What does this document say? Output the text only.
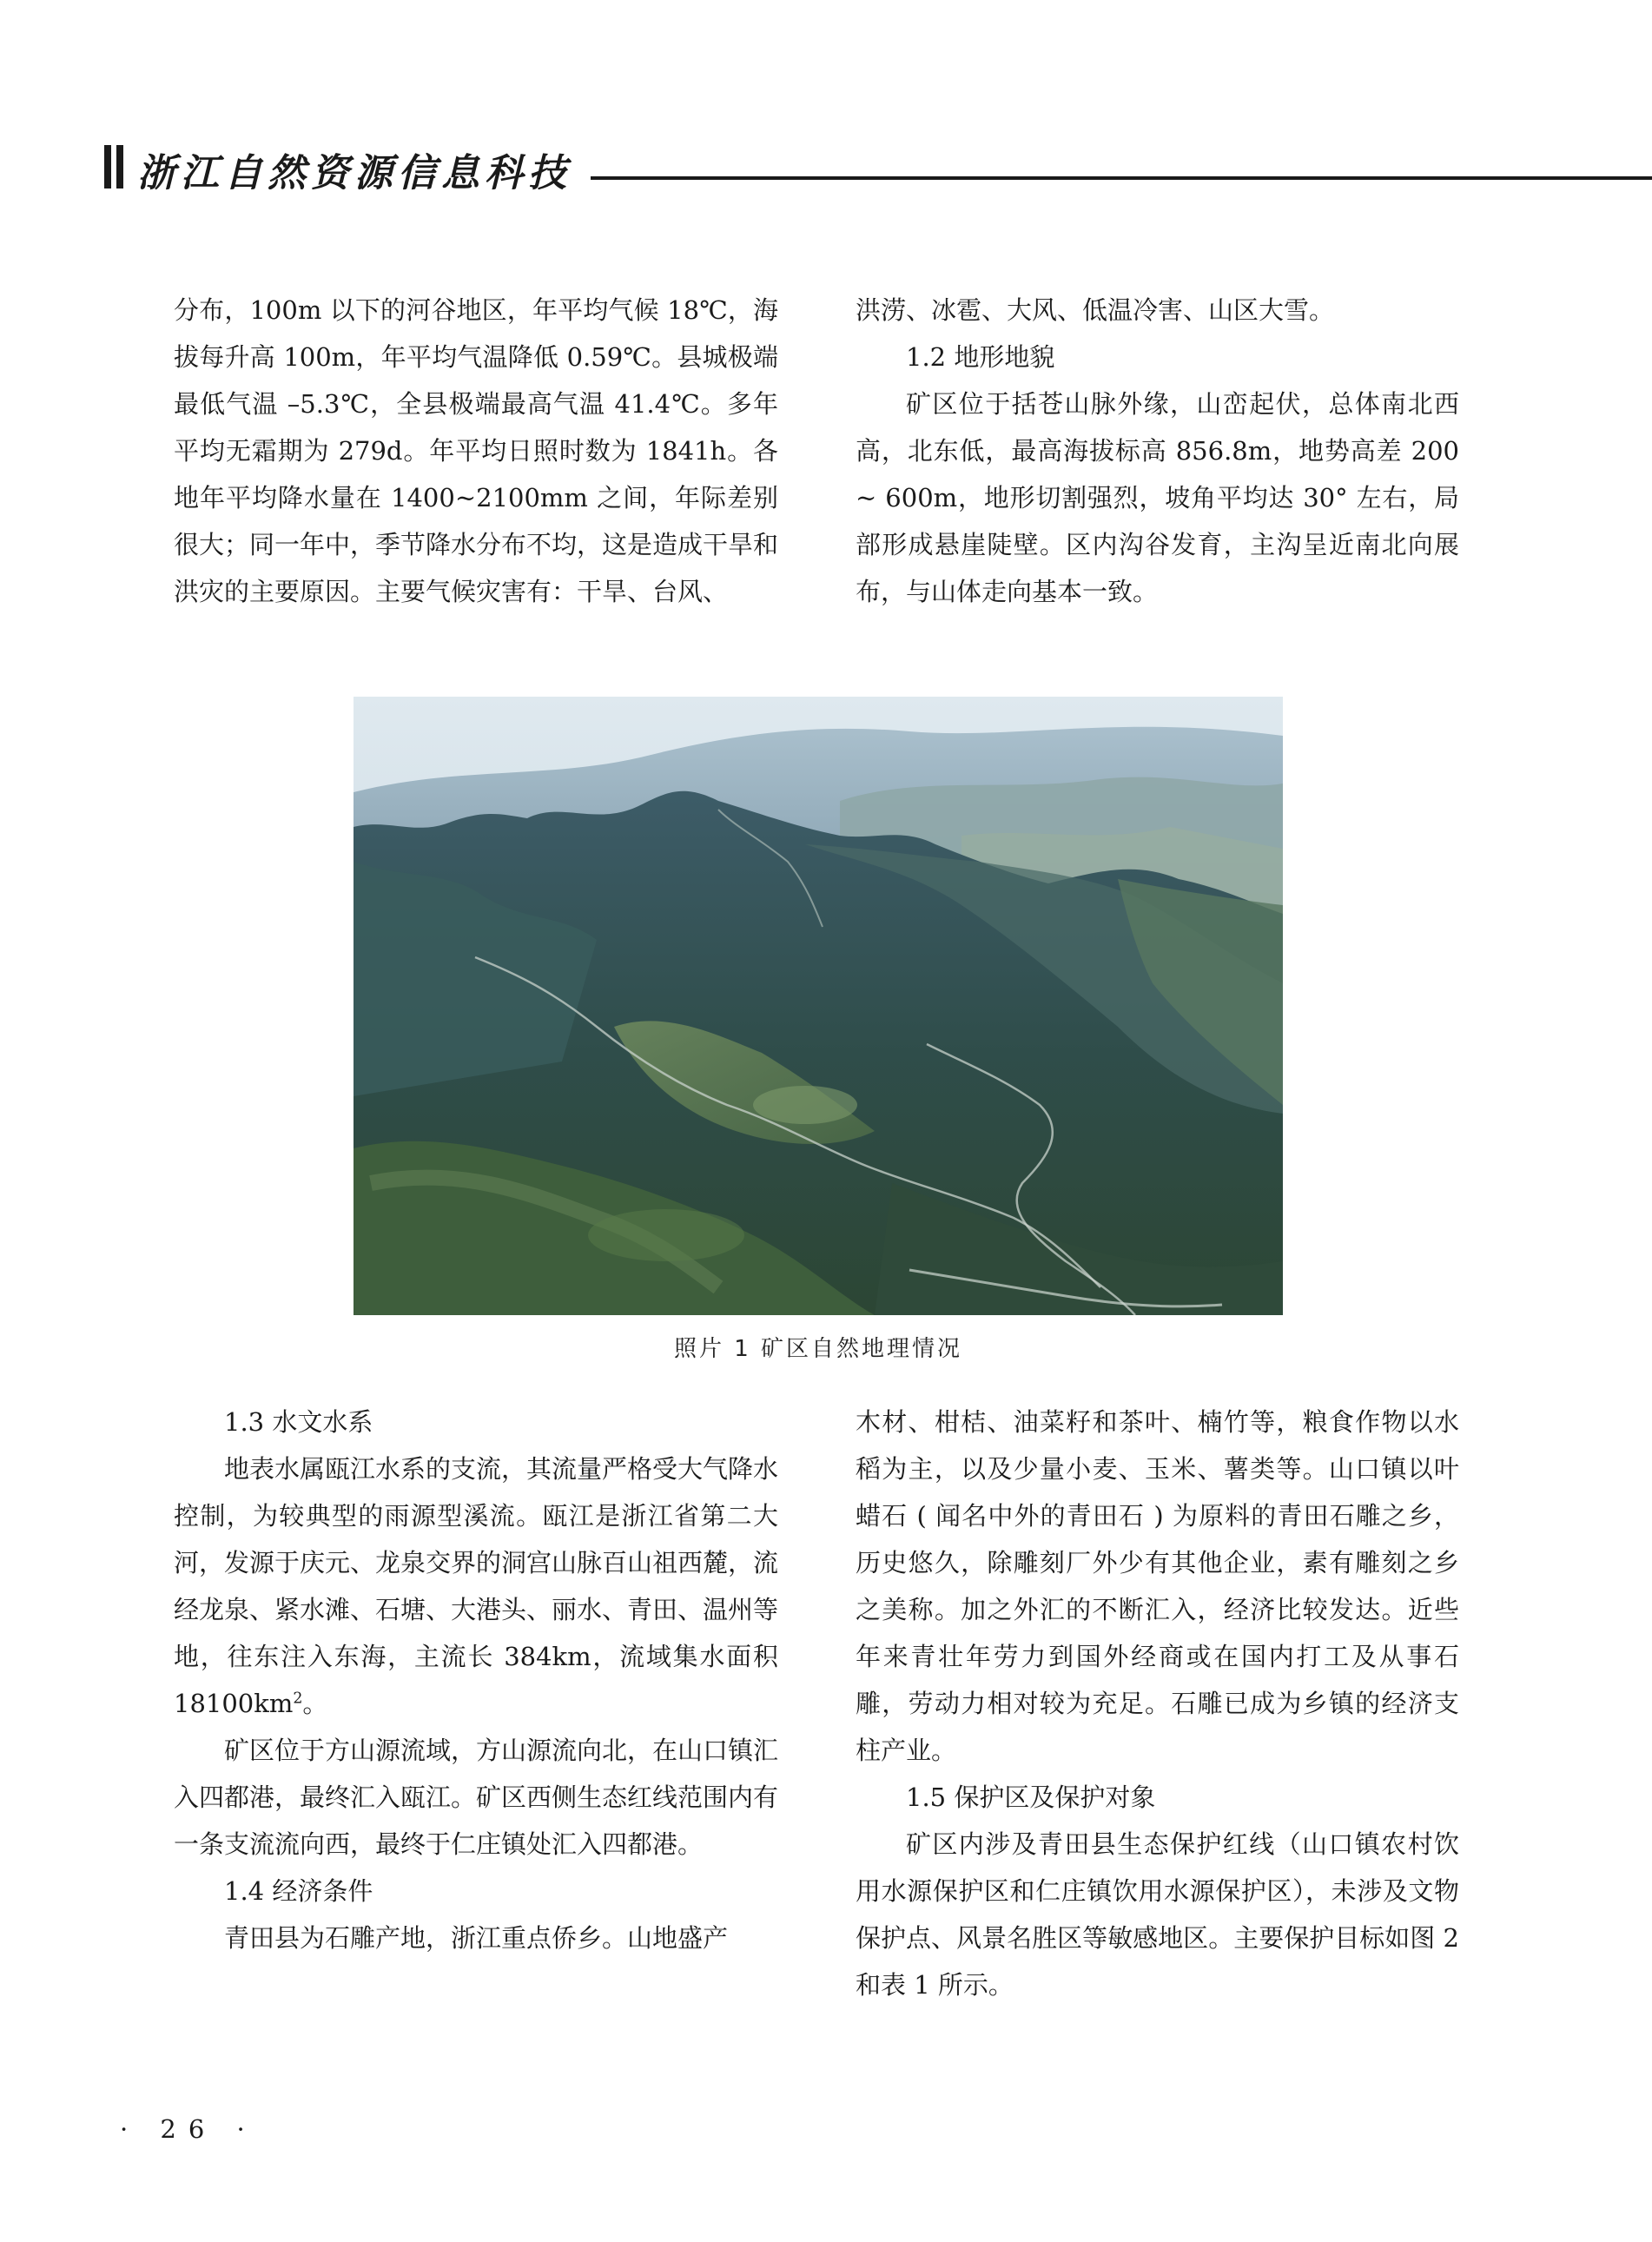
浙江自然资源信息科技

分布，100m 以下的河谷地区，年平均气候 18℃，海拔每升高 100m，年平均气温降低 0.59℃。县城极端最低气温 –5.3℃，全县极端最高气温 41.4℃。多年平均无霜期为 279d。年平均日照时数为 1841h。各地年平均降水量在 1400~2100mm 之间，年际差别很大；同一年中，季节降水分布不均，这是造成干旱和洪灾的主要原因。主要气候灾害有：干旱、台风、

洪涝、冰雹、大风、低温冷害、山区大雪。

1.2 地形地貌

矿区位于括苍山脉外缘，山峦起伏，总体南北西高，北东低，最高海拔标高 856.8m，地势高差 200 ~ 600m，地形切割强烈，坡角平均达 30° 左右，局部形成悬崖陡壁。区内沟谷发育，主沟呈近南北向展布，与山体走向基本一致。

照片 1 矿区自然地理情况

1.3 水文水系

地表水属瓯江水系的支流，其流量严格受大气降水控制，为较典型的雨源型溪流。瓯江是浙江省第二大河，发源于庆元、龙泉交界的洞宫山脉百山祖西麓，流经龙泉、紧水滩、石塘、大港头、丽水、青田、温州等地，往东注入东海，主流长 384km，流域集水面积 $18100km^2$。

矿区位于方山源流域，方山源流向北，在山口镇汇入四都港，最终汇入瓯江。矿区西侧生态红线范围内有一条支流流向西，最终于仁庄镇处汇入四都港。

1.4 经济条件

青田县为石雕产地，浙江重点侨乡。山地盛产

木材、柑桔、油菜籽和茶叶、楠竹等，粮食作物以水稻为主，以及少量小麦、玉米、薯类等。山口镇以叶蜡石 ( 闻名中外的青田石 ) 为原料的青田石雕之乡，历史悠久，除雕刻厂外少有其他企业，素有雕刻之乡之美称。加之外汇的不断汇入，经济比较发达。近些年来青壮年劳力到国外经商或在国内打工及从事石雕，劳动力相对较为充足。石雕已成为乡镇的经济支柱产业。

1.5 保护区及保护对象

矿区内涉及青田县生态保护红线（山口镇农村饮用水源保护区和仁庄镇饮用水源保护区），未涉及文物保护点、风景名胜区等敏感地区。主要保护目标如图 2 和表 1 所示。

· 26 ·
